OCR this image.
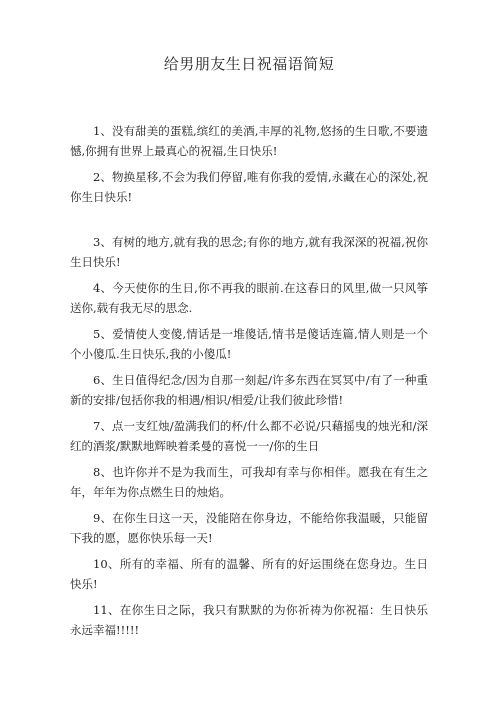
给男朋友生日祝福语简短

1、没有甜美的蛋糕,缤红的美酒,丰厚的礼物,悠扬的生日歌,不要遗憾,你拥有世界上最真心的祝福,生日快乐!

2、物换星移,不会为我们停留,唯有你我的爱情,永藏在心的深处,祝你生日快乐!

3、有树的地方,就有我的思念;有你的地方,就有我深深的祝福,祝你生日快乐!

4、今天使你的生日,你不再我的眼前.在这春日的风里,做一只风筝送你,载有我无尽的思念.

5、爱情使人变傻,情话是一堆傻话,情书是傻话连篇,情人则是一个个小傻瓜.生日快乐,我的小傻瓜!

6、生日值得纪念/因为自那一刻起/许多东西在冥冥中/有了一种重新的安排/包括你我的相遇/相识/相爱/让我们彼此珍惜!

7、点一支红烛/盈满我们的杯/什么都不必说/只藉摇曳的烛光和/深红的酒浆/默默地辉映着柔曼的喜悦一一/你的生日

8、也许你并不是为我而生，可我却有幸与你相伴。愿我在有生之年，年年为你点燃生日的烛焰。

9、在你生日这一天，没能陪在你身边，不能给你我温暖，只能留下我的愿，愿你快乐每一天!

10、所有的幸福、所有的温馨、所有的好运围绕在您身边。生日快乐!

11、在你生日之际，我只有默默的为你祈祷为你祝福：生日快乐永远幸福!!!!!
